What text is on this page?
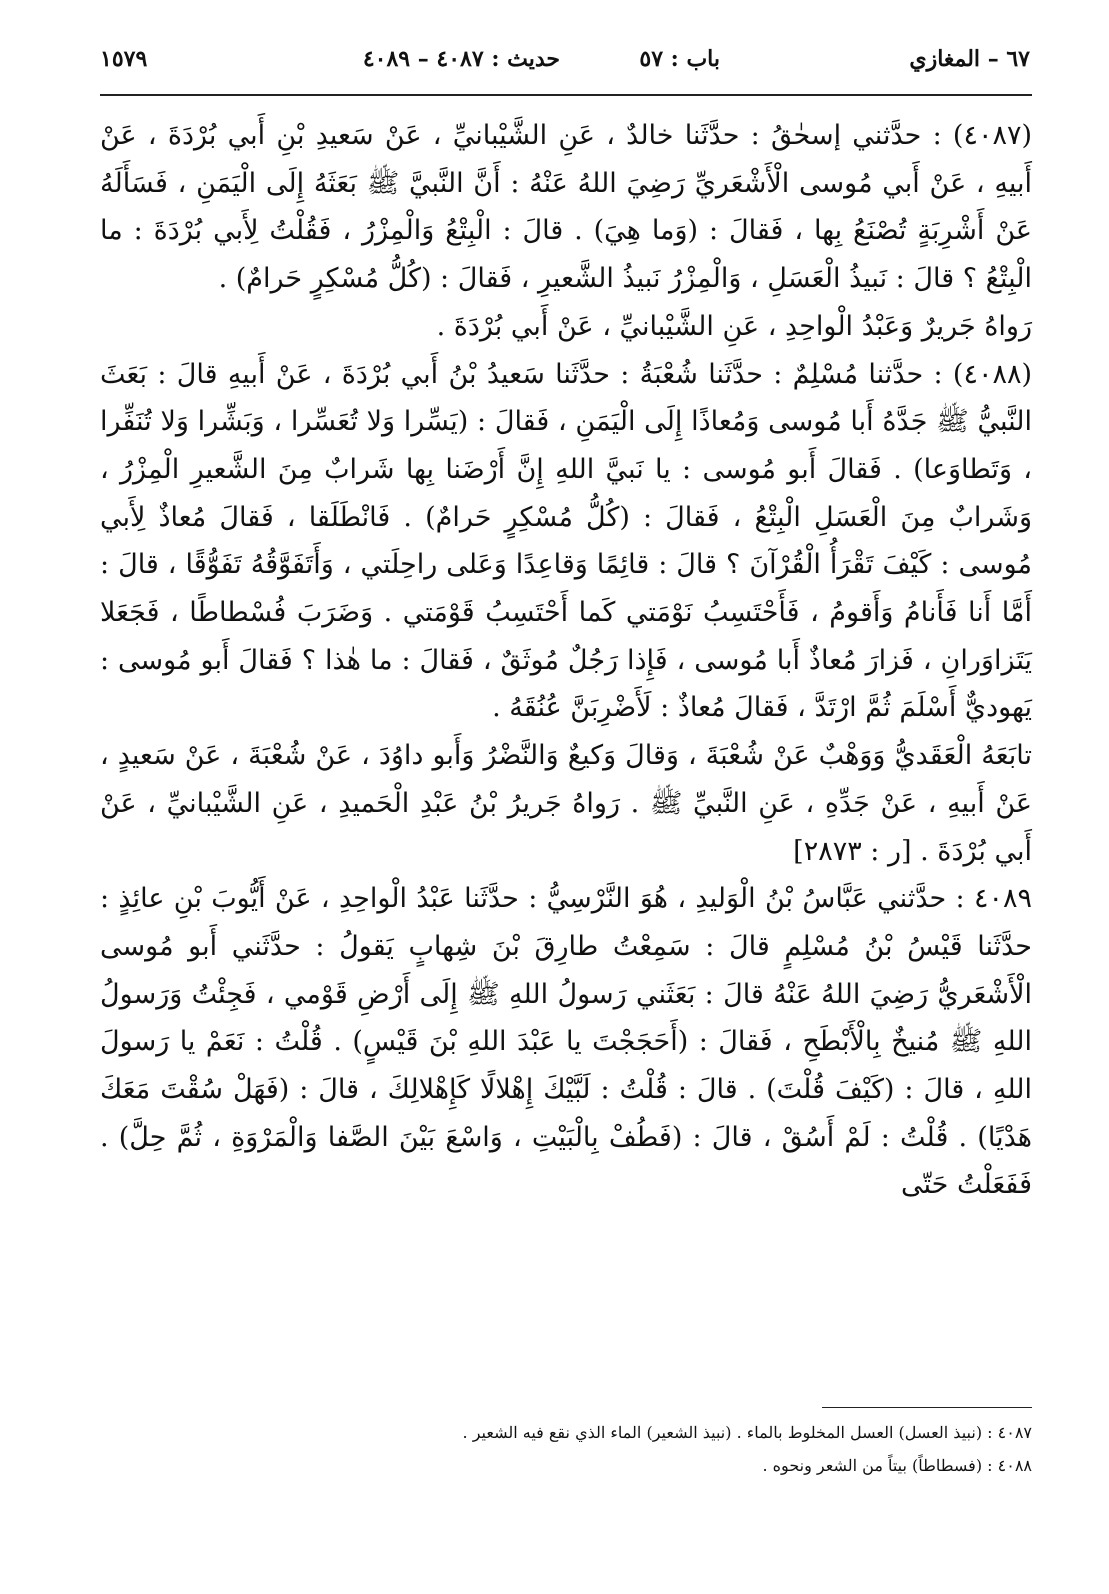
٦٧ – المغازي
باب : ٥٧
حديث : ٤٠٨٧ – ٤٠٨٩
١٥٧٩

(٤٠٨٧) : حدَّثني إسحٰقُ : حدَّثَنا خالدٌ ، عَنِ الشَّيْبانيِّ ، عَنْ سَعيدِ بْنِ أَبي بُرْدَةَ ، عَنْ أَبيهِ ، عَنْ أَبي مُوسى الْأَشْعَريِّ رَضِيَ اللهُ عَنْهُ : أَنَّ النَّبيَّ ﷺ بَعَثَهُ إِلَى الْيَمَنِ ، فَسَأَلَهُ عَنْ أَشْرِبَةٍ تُصْنَعُ بِها ، فَقالَ : (وَما هِيَ) . قالَ : الْبِتْعُ وَالْمِزْرُ ، فَقُلْتُ لِأَبي بُرْدَةَ : ما الْبِتْعُ ؟ قالَ : نَبيذُ الْعَسَلِ ، وَالْمِزْرُ نَبيذُ الشَّعيرِ ، فَقالَ : (كُلُّ مُسْكِرٍ حَرامٌ) .

رَواهُ جَريرٌ وَعَبْدُ الْواحِدِ ، عَنِ الشَّيْبانيِّ ، عَنْ أَبي بُرْدَةَ .

(٤٠٨٨) : حدَّثنا مُسْلِمٌ : حدَّثَنا شُعْبَةُ : حدَّثَنا سَعيدُ بْنُ أَبي بُرْدَةَ ، عَنْ أَبيهِ قالَ : بَعَثَ النَّبيُّ ﷺ جَدَّهُ أَبا مُوسى وَمُعاذًا إِلَى الْيَمَنِ ، فَقالَ : (يَسِّرا وَلا تُعَسِّرا ، وَبَشِّرا وَلا تُنَفِّرا ، وَتَطاوَعا) . فَقالَ أَبو مُوسى : يا نَبيَّ اللهِ إِنَّ أَرْضَنا بِها شَرابٌ مِنَ الشَّعيرِ الْمِزْرُ ، وَشَرابٌ مِنَ الْعَسَلِ الْبِتْعُ ، فَقالَ : (كُلُّ مُسْكِرٍ حَرامٌ) . فَانْطَلَقا ، فَقالَ مُعاذٌ لِأَبي مُوسى : كَيْفَ تَقْرَأُ الْقُرْآنَ ؟ قالَ : قائِمًا وَقاعِدًا وَعَلى راحِلَتي ، وَأَتَفَوَّقُهُ تَفَوُّقًا ، قالَ : أَمَّا أَنا فَأَنامُ وَأَقومُ ، فَأَحْتَسِبُ نَوْمَتي كَما أَحْتَسِبُ قَوْمَتي . وَضَرَبَ فُسْطاطًا ، فَجَعَلا يَتَزاوَرانِ ، فَزارَ مُعاذٌ أَبا مُوسى ، فَإِذا رَجُلٌ مُوثَقٌ ، فَقالَ : ما هٰذا ؟ فَقالَ أَبو مُوسى : يَهوديٌّ أَسْلَمَ ثُمَّ ارْتَدَّ ، فَقالَ مُعاذٌ : لَأَضْرِبَنَّ عُنُقَهُ .

تابَعَهُ الْعَقَديُّ وَوَهْبٌ عَنْ شُعْبَةَ ، وَقالَ وَكيعٌ وَالنَّضْرُ وَأَبو داوُدَ ، عَنْ شُعْبَةَ ، عَنْ سَعيدٍ ، عَنْ أَبيهِ ، عَنْ جَدِّهِ ، عَنِ النَّبيِّ ﷺ . رَواهُ جَريرُ بْنُ عَبْدِ الْحَميدِ ، عَنِ الشَّيْبانيِّ ، عَنْ أَبي بُرْدَةَ . [ر : ٢٨٧٣]

٤٠٨٩ : حدَّثني عَبَّاسُ بْنُ الْوَليدِ ، هُوَ النَّرْسِيُّ : حدَّثَنا عَبْدُ الْواحِدِ ، عَنْ أَيُّوبَ بْنِ عائِذٍ : حدَّثَنا قَيْسُ بْنُ مُسْلِمٍ قالَ : سَمِعْتُ طارِقَ بْنَ شِهابٍ يَقولُ : حدَّثَني أَبو مُوسى الْأَشْعَريُّ رَضِيَ اللهُ عَنْهُ قالَ : بَعَثَني رَسولُ اللهِ ﷺ إِلَى أَرْضِ قَوْمي ، فَجِئْتُ وَرَسولُ اللهِ ﷺ مُنيخٌ بِالْأَبْطَحِ ، فَقالَ : (أَحَجَجْتَ يا عَبْدَ اللهِ بْنَ قَيْسٍ) . قُلْتُ : نَعَمْ يا رَسولَ اللهِ ، قالَ : (كَيْفَ قُلْتَ) . قالَ : قُلْتُ : لَبَّيْكَ إِهْلالًا كَإِهْلالِكَ ، قالَ : (فَهَلْ سُقْتَ مَعَكَ هَدْيًا) . قُلْتُ : لَمْ أَسُقْ ، قالَ : (فَطُفْ بِالْبَيْتِ ، وَاسْعَ بَيْنَ الصَّفا وَالْمَرْوَةِ ، ثُمَّ حِلَّ) . فَفَعَلْتُ حَتّى

٤٠٨٧ : (نبيذ العسل) العسل المخلوط بالماء . (نبيذ الشعير) الماء الذي نقع فيه الشعير .

٤٠٨٨ : (فسطاطاً) بيتاً من الشعر ونحوه .
